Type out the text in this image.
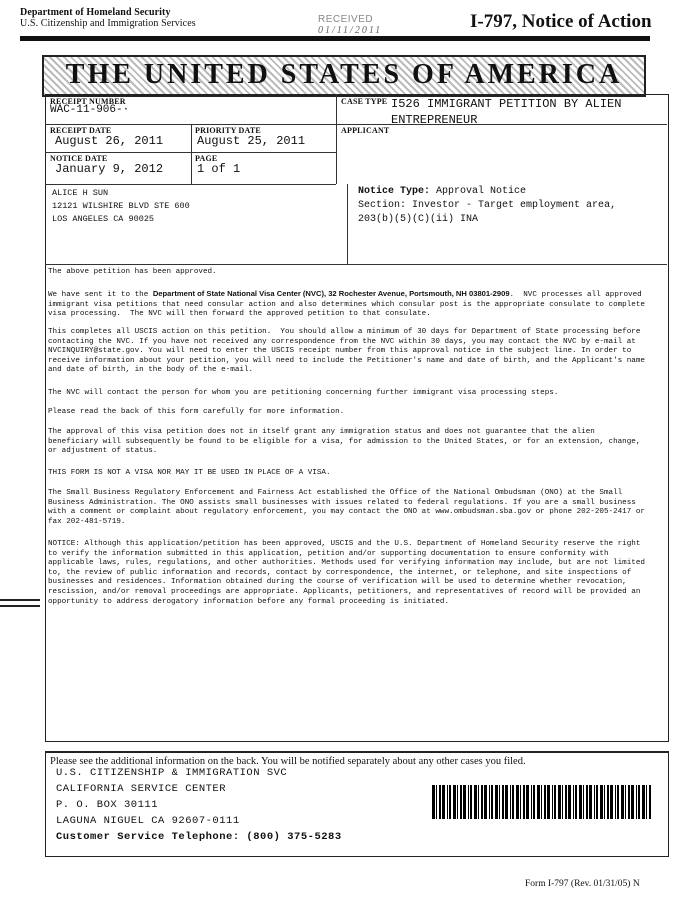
Department of Homeland Security
U.S. Citizenship and Immigration Services	RECEIVED
01/11/2011	I-797, Notice of Action
THE UNITED STATES OF AMERICA
RECEIPT NUMBER
WAC-11-906-·
CASE TYPE I526 IMMIGRANT PETITION BY ALIEN ENTREPRENEUR
RECEIPT DATE
August 26, 2011
PRIORITY DATE
August 25, 2011
APPLICANT
NOTICE DATE
January 9, 2012
PAGE
1 of 1
ALICE H SUN
12121 WILSHIRE BLVD STE 600
LOS ANGELES CA 90025
Notice Type: Approval Notice
Section: Investor - Target employment area, 203(b)(5)(C)(ii) INA
The above petition has been approved.
We have sent it to the Department of State National Visa Center (NVC), 32 Rochester Avenue, Portsmouth, NH 03801-2909.  NVC processes all approved immigrant visa petitions that need consular action and also determines which consular post is the appropriate consulate to complete visa processing.  The NVC will then forward the approved petition to that consulate.
This completes all USCIS action on this petition.  You should allow a minimum of 30 days for Department of State processing before contacting the NVC. If you have not received any correspondence from the NVC within 30 days, you may contact the NVC by e-mail at NVCINQUIRY@state.gov. You will need to enter the USCIS receipt number from this approval notice in the subject line. In order to receive information about your petition, you will need to include the Petitioner's name and date of birth, and the Applicant's name and date of birth, in the body of the e-mail.
The NVC will contact the person for whom you are petitioning concerning further immigrant visa processing steps.
Please read the back of this form carefully for more information.
The approval of this visa petition does not in itself grant any immigration status and does not guarantee that the alien beneficiary will subsequently be found to be eligible for a visa, for admission to the United States, or for an extension, change, or adjustment of status.
THIS FORM IS NOT A VISA NOR MAY IT BE USED IN PLACE OF A VISA.
The Small Business Regulatory Enforcement and Fairness Act established the Office of the National Ombudsman (ONO) at the Small Business Administration. The ONO assists small businesses with issues related to federal regulations. If you are a small business with a comment or complaint about regulatory enforcement, you may contact the ONO at www.ombudsman.sba.gov or phone 202-205-2417 or fax 202-481-5719.
NOTICE: Although this application/petition has been approved, USCIS and the U.S. Department of Homeland Security reserve the right to verify the information submitted in this application, petition and/or supporting documentation to ensure conformity with applicable laws, rules, regulations, and other authorities. Methods used for verifying information may include, but are not limited to, the review of public information and records, contact by correspondence, the internet, or telephone, and site inspections of businesses and residences. Information obtained during the course of verification will be used to determine whether revocation, rescission, and/or removal proceedings are appropriate. Applicants, petitioners, and representatives of record will be provided an opportunity to address derogatory information before any formal proceeding is initiated.
Please see the additional information on the back. You will be notified separately about any other cases you filed.
U.S. CITIZENSHIP & IMMIGRATION SVC
CALIFORNIA SERVICE CENTER
P. O. BOX 30111
LAGUNA NIGUEL CA 92607-0111
Customer Service Telephone: (800) 375-5283
Form I-797 (Rev. 01/31/05) N
